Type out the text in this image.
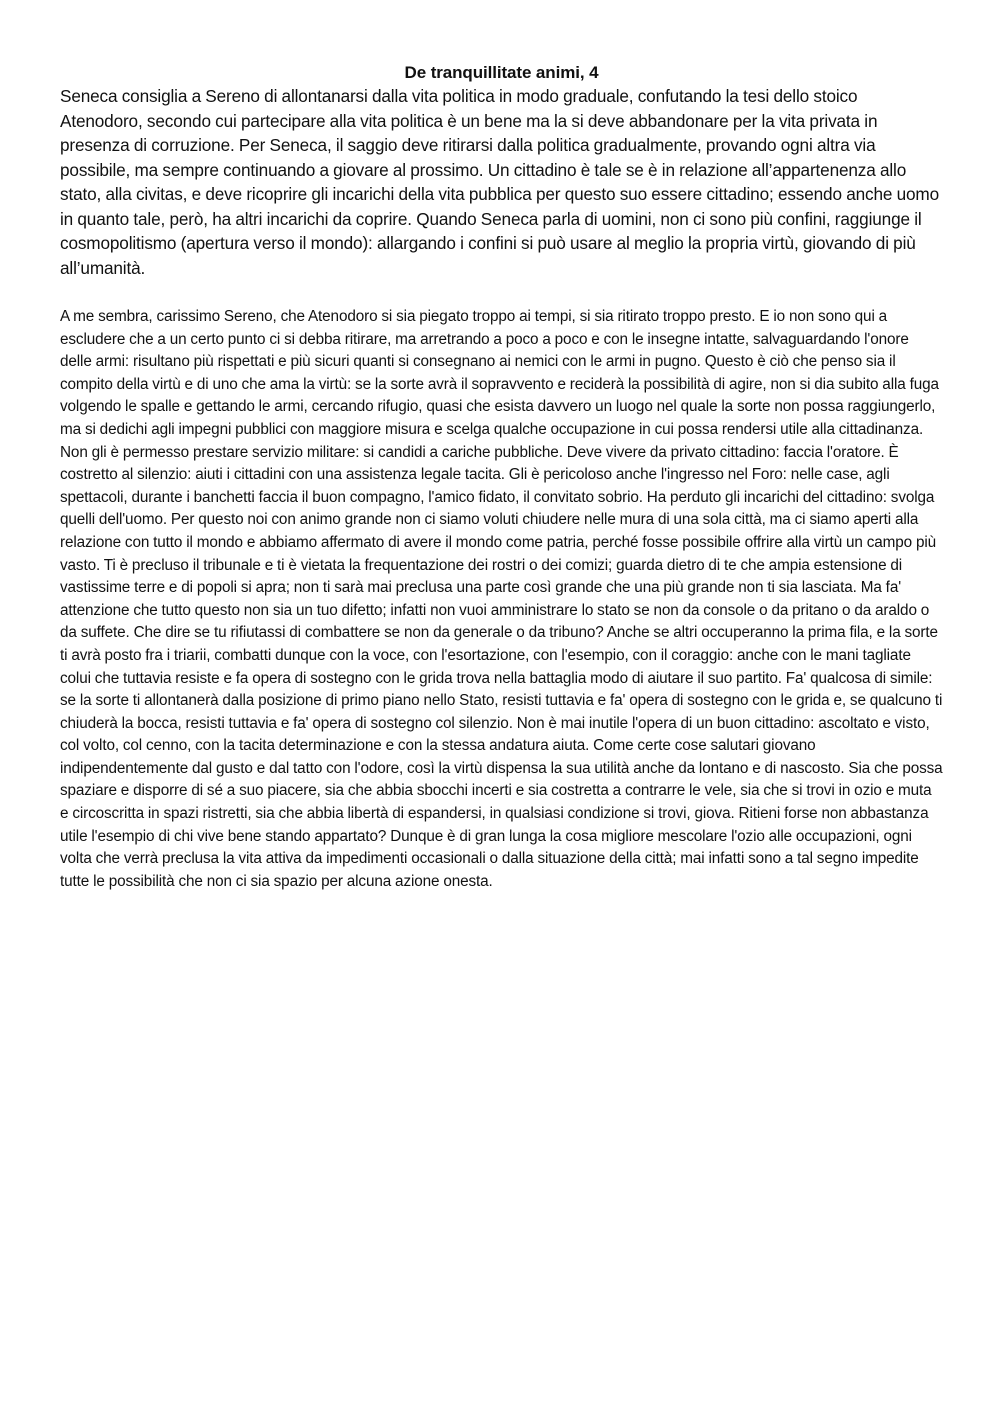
De tranquillitate animi, 4

Seneca consiglia a Sereno di allontanarsi dalla vita politica in modo graduale, confutando la tesi dello stoico Atenodoro, secondo cui partecipare alla vita politica è un bene ma la si deve abbandonare per la vita privata in presenza di corruzione. Per Seneca, il saggio deve ritirarsi dalla politica gradualmente, provando ogni altra via possibile, ma sempre continuando a giovare al prossimo. Un cittadino è tale se è in relazione all’appartenenza allo stato, alla civitas, e deve ricoprire gli incarichi della vita pubblica per questo suo essere cittadino; essendo anche uomo in quanto tale, però, ha altri incarichi da coprire. Quando Seneca parla di uomini, non ci sono più confini, raggiunge il cosmopolitismo (apertura verso il mondo): allargando i confini si può usare al meglio la propria virtù, giovando di più all’umanità.

A me sembra, carissimo Sereno, che Atenodoro si sia piegato troppo ai tempi, si sia ritirato troppo presto. E io non sono qui a escludere che a un certo punto ci si debba ritirare, ma arretrando a poco a poco e con le insegne intatte, salvaguardando l'onore delle armi: risultano più rispettati e più sicuri quanti si consegnano ai nemici con le armi in pugno. Questo è ciò che penso sia il compito della virtù e di uno che ama la virtù: se la sorte avrà il sopravvento e reciderà la possibilità di agire, non si dia subito alla fuga volgendo le spalle e gettando le armi, cercando rifugio, quasi che esista davvero un luogo nel quale la sorte non possa raggiungerlo, ma si dedichi agli impegni pubblici con maggiore misura e scelga qualche occupazione in cui possa rendersi utile alla cittadinanza. Non gli è permesso prestare servizio militare: si candidi a cariche pubbliche. Deve vivere da privato cittadino: faccia l'oratore. È costretto al silenzio: aiuti i cittadini con una assistenza legale tacita. Gli è pericoloso anche l'ingresso nel Foro: nelle case, agli spettacoli, durante i banchetti faccia il buon compagno, l'amico fidato, il convitato sobrio. Ha perduto gli incarichi del cittadino: svolga quelli dell'uomo. Per questo noi con animo grande non ci siamo voluti chiudere nelle mura di una sola città, ma ci siamo aperti alla relazione con tutto il mondo e abbiamo affermato di avere il mondo come patria, perché fosse possibile offrire alla virtù un campo più vasto. Ti è precluso il tribunale e ti è vietata la frequentazione dei rostri o dei comizi; guarda dietro di te che ampia estensione di vastissime terre e di popoli si apra; non ti sarà mai preclusa una parte così grande che una più grande non ti sia lasciata. Ma fa' attenzione che tutto questo non sia un tuo difetto; infatti non vuoi amministrare lo stato se non da console o da pritano o da araldo o da suffete. Che dire se tu rifiutassi di combattere se non da generale o da tribuno? Anche se altri occuperanno la prima fila, e la sorte ti avrà posto fra i triarii, combatti dunque con la voce, con l'esortazione, con l'esempio, con il coraggio: anche con le mani tagliate colui che tuttavia resiste e fa opera di sostegno con le grida trova nella battaglia modo di aiutare il suo partito. Fa' qualcosa di simile: se la sorte ti allontanerà dalla posizione di primo piano nello Stato, resisti tuttavia e fa' opera di sostegno con le grida e, se qualcuno ti chiuderà la bocca, resisti tuttavia e fa' opera di sostegno col silenzio. Non è mai inutile l'opera di un buon cittadino: ascoltato e visto, col volto, col cenno, con la tacita determinazione e con la stessa andatura aiuta. Come certe cose salutari giovano indipendentemente dal gusto e dal tatto con l'odore, così la virtù dispensa la sua utilità anche da lontano e di nascosto. Sia che possa spaziare e disporre di sé a suo piacere, sia che abbia sbocchi incerti e sia costretta a contrarre le vele, sia che si trovi in ozio e muta e circoscritta in spazi ristretti, sia che abbia libertà di espandersi, in qualsiasi condizione si trovi, giova. Ritieni forse non abbastanza utile l'esempio di chi vive bene stando appartato? Dunque è di gran lunga la cosa migliore mescolare l'ozio alle occupazioni, ogni volta che verrà preclusa la vita attiva da impedimenti occasionali o dalla situazione della città; mai infatti sono a tal segno impedite tutte le possibilità che non ci sia spazio per alcuna azione onesta.
